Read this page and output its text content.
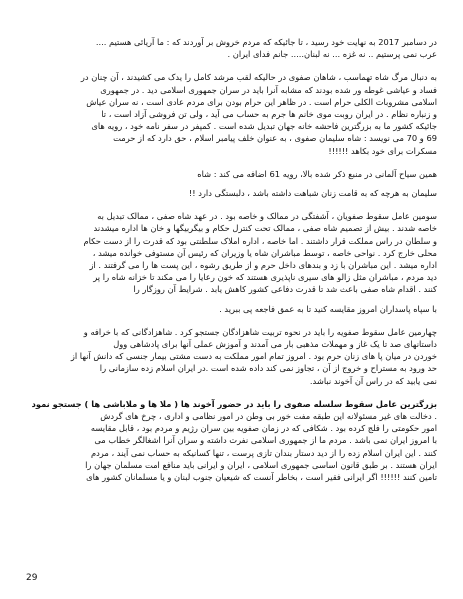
در دسامبر 2017 به نهایت خود رسید ، تا جائیکه که مردم خروش بر آوردند که : ما آریائی هستیم ....
عرب نمی پرستیم .. نه غزه ... نه لبنان..... جانم فدای ایران .

به دنبال مرگ شاه تهماسب ، شاهان صفوی در حالیکه لقب مرشد کامل را یدک می کشیدند ، آن چنان در
فساد و عیاشی غوطه ور شده بودند که مشابه آنرا باید در سران جمهوری اسلامی دید . در جمهوری
اسلامی مشروبات الکلی حرام است . در ظاهر این حرام بودن برای مردم عادی است ، نه سران عیاش
و زنباره نظام . در ایران روبت موی خانم ها جرم به حساب می آید ، ولی تن فروشی آزاد است ، تا
جائیکه کشور ما به بزرگترین فاحشه خانه جهان تبدیل شده است . کمپفر در سفر نامه خود ، رویه های
69 و 70 می نویسد : شاه سلیمان صفوی ، به عنوان خلف پیامبر اسلام ، حق دارد که از حرمت
مسکرات برای خود بکاهد !!!!!!

همین سیاح آلمانی در منبع ذکر شده بالا، رویه 61 اضافه می کند : شاه

سلیمان به هرچه که به قامت زنان شباهت داشته باشد ، دلبستگی دارد !!

سومین عامل سقوط صفویان ، آشفتگی در ممالک و خاصه بود . در عهد شاه صفی ، ممالک تبدیل به
خاصه شدند . بیش از تصمیم شاه صفی ، ممالک تحت کنترل حکام و بیگربیگها و خان ها اداره میشدند
و سلطان در راس مملکت قرار داشتند . اما خاصه ، اداره املاک سلطنتی بود که قدرت را از دست حکام
محلی خارج کرد . نواحی خاصه ، توسط مباشران شاه یا وزیران که رئیس آن مستوفی خوانده میشد ،
اداره میشد . این مباشران با زد و بندهای داخل حرم و از طریق رشوه ، این پست ها را می گرفتند . از
دید مردم ، مباشران مثل زالو های سیری ناپذیری هستند که خون رعایا را می مکند تا خزانه شاه را پر
کنند . اقدام شاه صفی باعث شد تا قدرت دفاعی کشور کاهش یابد . شرایط آن روزگار را

با سپاه پاسداران امروز مقایسه کنید تا به عمق فاجعه پی ببرید .

چهارمین عامل سقوط صفویه را باید در نحوه تربیت شاهزادگان جستجو کرد . شاهزادگانی که با خرافه و
داستانهای صد تا یک غاز و مهملات مذهبی بار می آمدند و آموزش عملی آنها برای پادشاهی وول
خوردن در میان پا های زنان حرم بود . امروز تمام امور مملکت به دست مشتی بیمار جنسی که دانش آنها از
حد ورود به مستراح و خروج از آن ، تجاوز نمی کند داده شده است .در ایران اسلام زده سازمانی را
نمی یابید که در راس آن آخوند نباشد.

بزرگترین عامل سقوط سلسله صفوی را باید در حضور آخوند ها ( ملا ها و ملاباشی ها ) جستجو نمود
. دخالت های غیر مسئولانه این طبقه مفت خور بی وطن در امور نظامی و اداری ، چرخ های گردش
امور حکومتی را فلج کرده بود . شکافی که در زمان صفویه بین سران رژیم و مردم بود ، قابل مقایسه
با امروز ایران نمی باشد . مردم ما از جمهوری اسلامی نفرت داشته و سران آنرا اشغالگر خطاب می
کنند . این ایران اسلام زده را از دید دستار بندان تازی پرست ، تنها کسانیکه به حساب نمی آیند ، مردم
ایران هستند . بر طبق قانون اساسی جمهوری اسلامی ، ایران و ایرانی باید منافع امت مسلمان جهان را
تامین کنند !!!!!! اگر ایرانی فقیر است ، بخاطر آنست که شیعیان جنوب لبنان و یا مسلمانان کشور های

29
